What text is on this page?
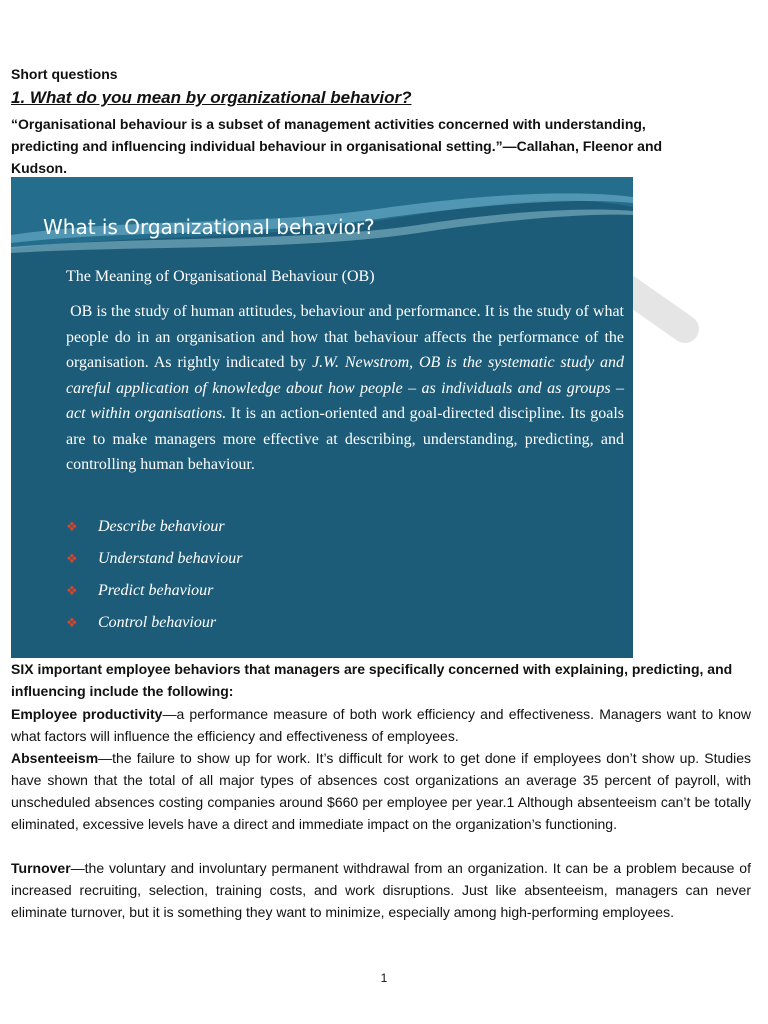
Short questions
1. What do you mean by organizational behavior?
“Organisational behaviour is a subset of management activities concerned with understanding, predicting and influencing individual behaviour in organisational setting.”—Callahan, Fleenor and Kudson.
What is Organizational behavior?
The Meaning of Organisational Behaviour (OB)
OB is the study of human attitudes, behaviour and performance. It is the study of what people do in an organisation and how that behaviour affects the performance of the organisation. As rightly indicated by J.W. Newstrom, OB is the systematic study and careful application of knowledge about how people – as individuals and as groups – act within organisations. It is an action-oriented and goal-directed discipline. Its goals are to make managers more effective at describing, understanding, predicting, and controlling human behaviour.
❖	Describe behaviour
❖	Understand behaviour
❖	Predict behaviour
❖	Control behaviour
SIX important employee behaviors that managers are specifically concerned with explaining, predicting, and influencing include the following:
Employee productivity—a performance measure of both work efficiency and effectiveness. Managers want to know what factors will influence the efficiency and effectiveness of employees.
Absenteeism—the failure to show up for work. It’s difficult for work to get done if employees don’t show up. Studies have shown that the total of all major types of absences cost organizations an average 35 percent of payroll, with unscheduled absences costing companies around $660 per employee per year.1 Although absenteeism can’t be totally eliminated, excessive levels have a direct and immediate impact on the organization’s functioning.
Turnover—the voluntary and involuntary permanent withdrawal from an organization. It can be a problem because of increased recruiting, selection, training costs, and work disruptions. Just like absenteeism, managers can never eliminate turnover, but it is something they want to minimize, especially among high-performing employees.
1
